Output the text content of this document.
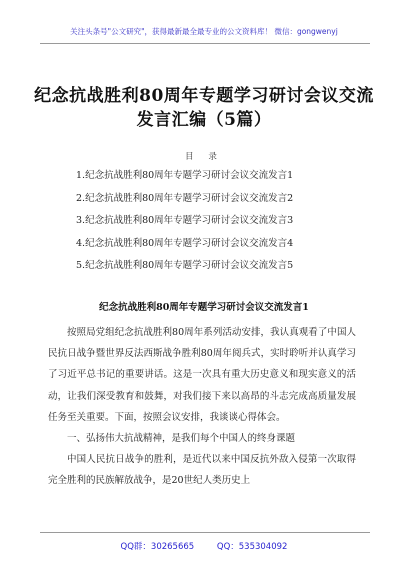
关注头条号"公文研究"，获得最新最全最专业的公文资料库！ 微信：gongwenyj
纪念抗战胜利80周年专题学习研讨会议交流发言汇编（5篇）
目 录
1.纪念抗战胜利80周年专题学习研讨会议交流发言1
2.纪念抗战胜利80周年专题学习研讨会议交流发言2
3.纪念抗战胜利80周年专题学习研讨会议交流发言3
4.纪念抗战胜利80周年专题学习研讨会议交流发言4
5.纪念抗战胜利80周年专题学习研讨会议交流发言5
纪念抗战胜利80周年专题学习研讨会议交流发言1

按照局党组纪念抗战胜利80周年系列活动安排，我认真观看了中国人民抗日战争暨世界反法西斯战争胜利80周年阅兵式，实时聆听并认真学习了习近平总书记的重要讲话。这是一次具有重大历史意义和现实意义的活动，让我们深受教育和鼓舞，对我们接下来以高昂的斗志完成高质量发展任务至关重要。下面，按照会议安排，我谈谈心得体会。

一、弘扬伟大抗战精神，是我们每个中国人的终身课题

中国人民抗日战争的胜利，是近代以来中国反抗外敌入侵第一次取得完全胜利的民族解放战争，是20世纪人类历史上

QQ群：30265665	QQ：535304092
